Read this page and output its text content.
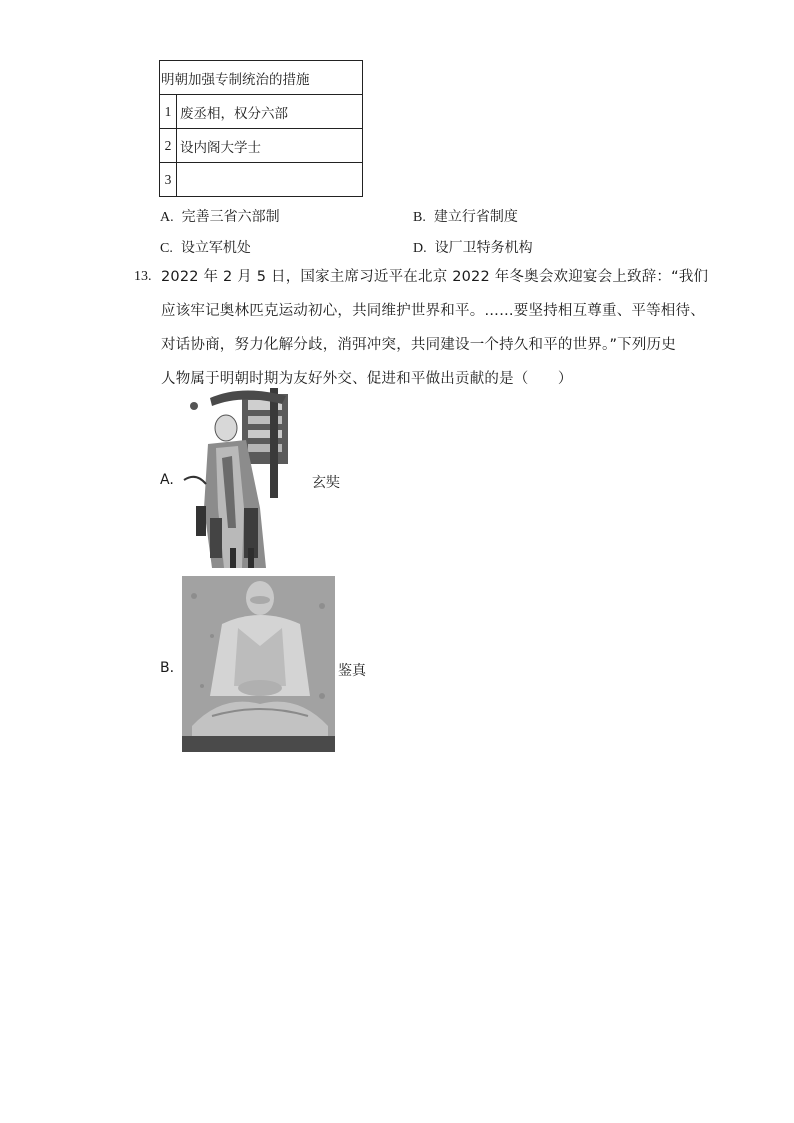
明朝加强专制统治的措施	
1	废丞相，权分六部
2	设内阁大学士
3	
A. 完善三省六部制	B. 建立行省制度
C. 设立军机处	D. 设厂卫特务机构
13. 2022 年 2 月 5 日，国家主席习近平在北京 2022 年冬奥会欢迎宴会上致辞：“我们
应该牢记奥林匹克运动初心，共同维护世界和平。……要坚持相互尊重、平等相待、
对话协商，努力化解分歧，消弭冲突，共同建设一个持久和平的世界。”下列历史
人物属于明朝时期为友好外交、促进和平做出贡献的是（　　）
A.	玄奘
B.	鉴真
